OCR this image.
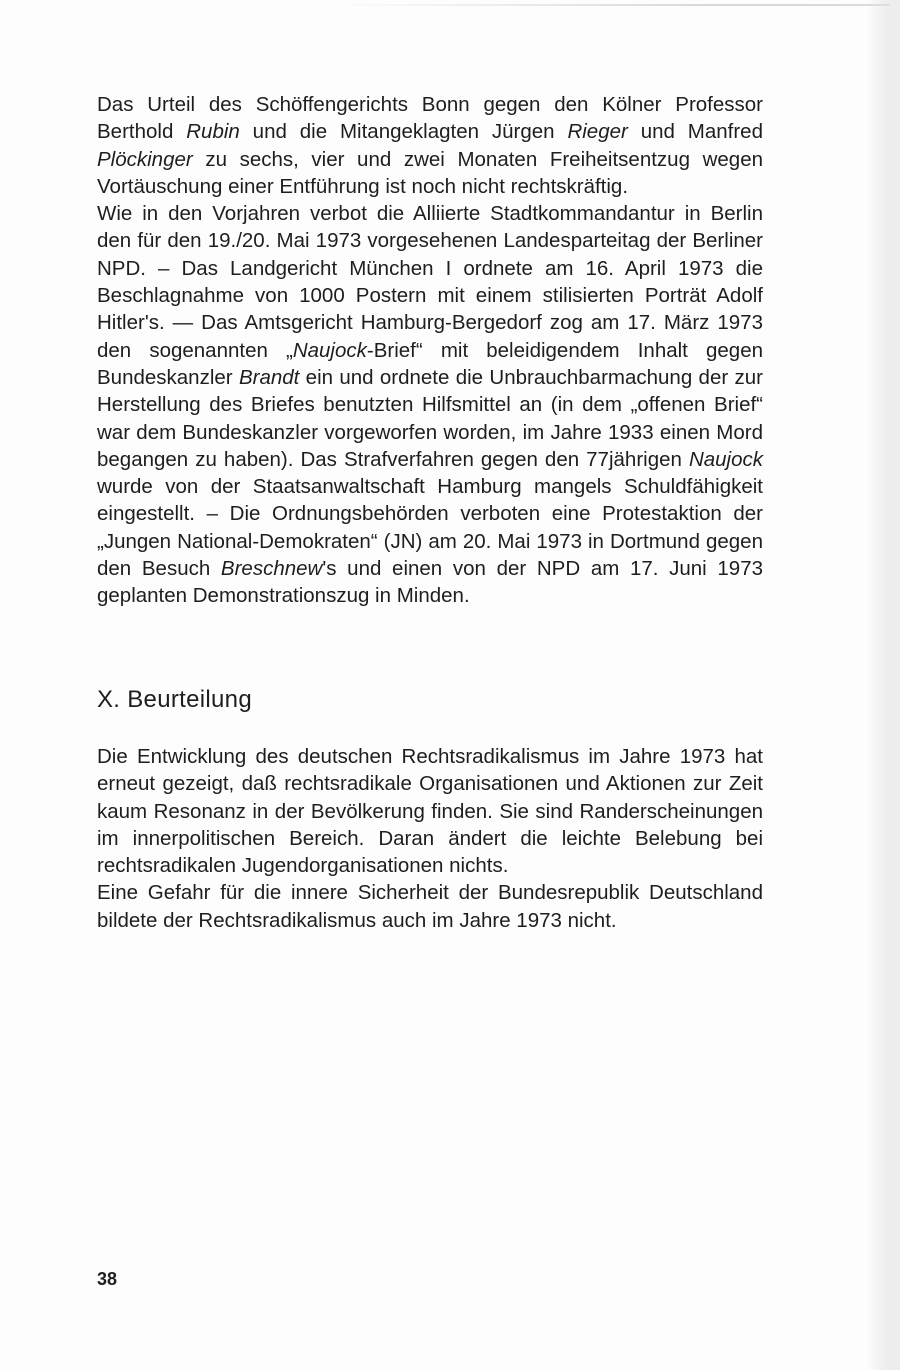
Das Urteil des Schöffengerichts Bonn gegen den Kölner Professor Berthold Rubin und die Mitangeklagten Jürgen Rieger und Manfred Plöckinger zu sechs, vier und zwei Monaten Freiheitsentzug wegen Vortäuschung einer Entführung ist noch nicht rechtskräftig.

Wie in den Vorjahren verbot die Alliierte Stadtkommandantur in Berlin den für den 19./20. Mai 1973 vorgesehenen Landesparteitag der Berliner NPD. – Das Landgericht München I ordnete am 16. April 1973 die Beschlagnahme von 1000 Postern mit einem stilisierten Porträt Adolf Hitler's. — Das Amtsgericht Hamburg-Bergedorf zog am 17. März 1973 den sogenannten „Naujock-Brief“ mit beleidigendem Inhalt gegen Bundeskanzler Brandt ein und ordnete die Unbrauchbarmachung der zur Herstellung des Briefes benutzten Hilfsmittel an (in dem „offenen Brief“ war dem Bundeskanzler vorgeworfen worden, im Jahre 1933 einen Mord begangen zu haben). Das Strafverfahren gegen den 77jährigen Naujock wurde von der Staatsanwaltschaft Hamburg mangels Schuldfähigkeit eingestellt. – Die Ordnungsbehörden verboten eine Protestaktion der „Jungen National-Demokraten“ (JN) am 20. Mai 1973 in Dortmund gegen den Besuch Breschnew's und einen von der NPD am 17. Juni 1973 geplanten Demonstrationszug in Minden.

X. Beurteilung

Die Entwicklung des deutschen Rechtsradikalismus im Jahre 1973 hat erneut gezeigt, daß rechtsradikale Organisationen und Aktionen zur Zeit kaum Resonanz in der Bevölkerung finden. Sie sind Randerscheinungen im innerpolitischen Bereich. Daran ändert die leichte Belebung bei rechtsradikalen Jugendorganisationen nichts.

Eine Gefahr für die innere Sicherheit der Bundesrepublik Deutschland bildete der Rechtsradikalismus auch im Jahre 1973 nicht.

38
